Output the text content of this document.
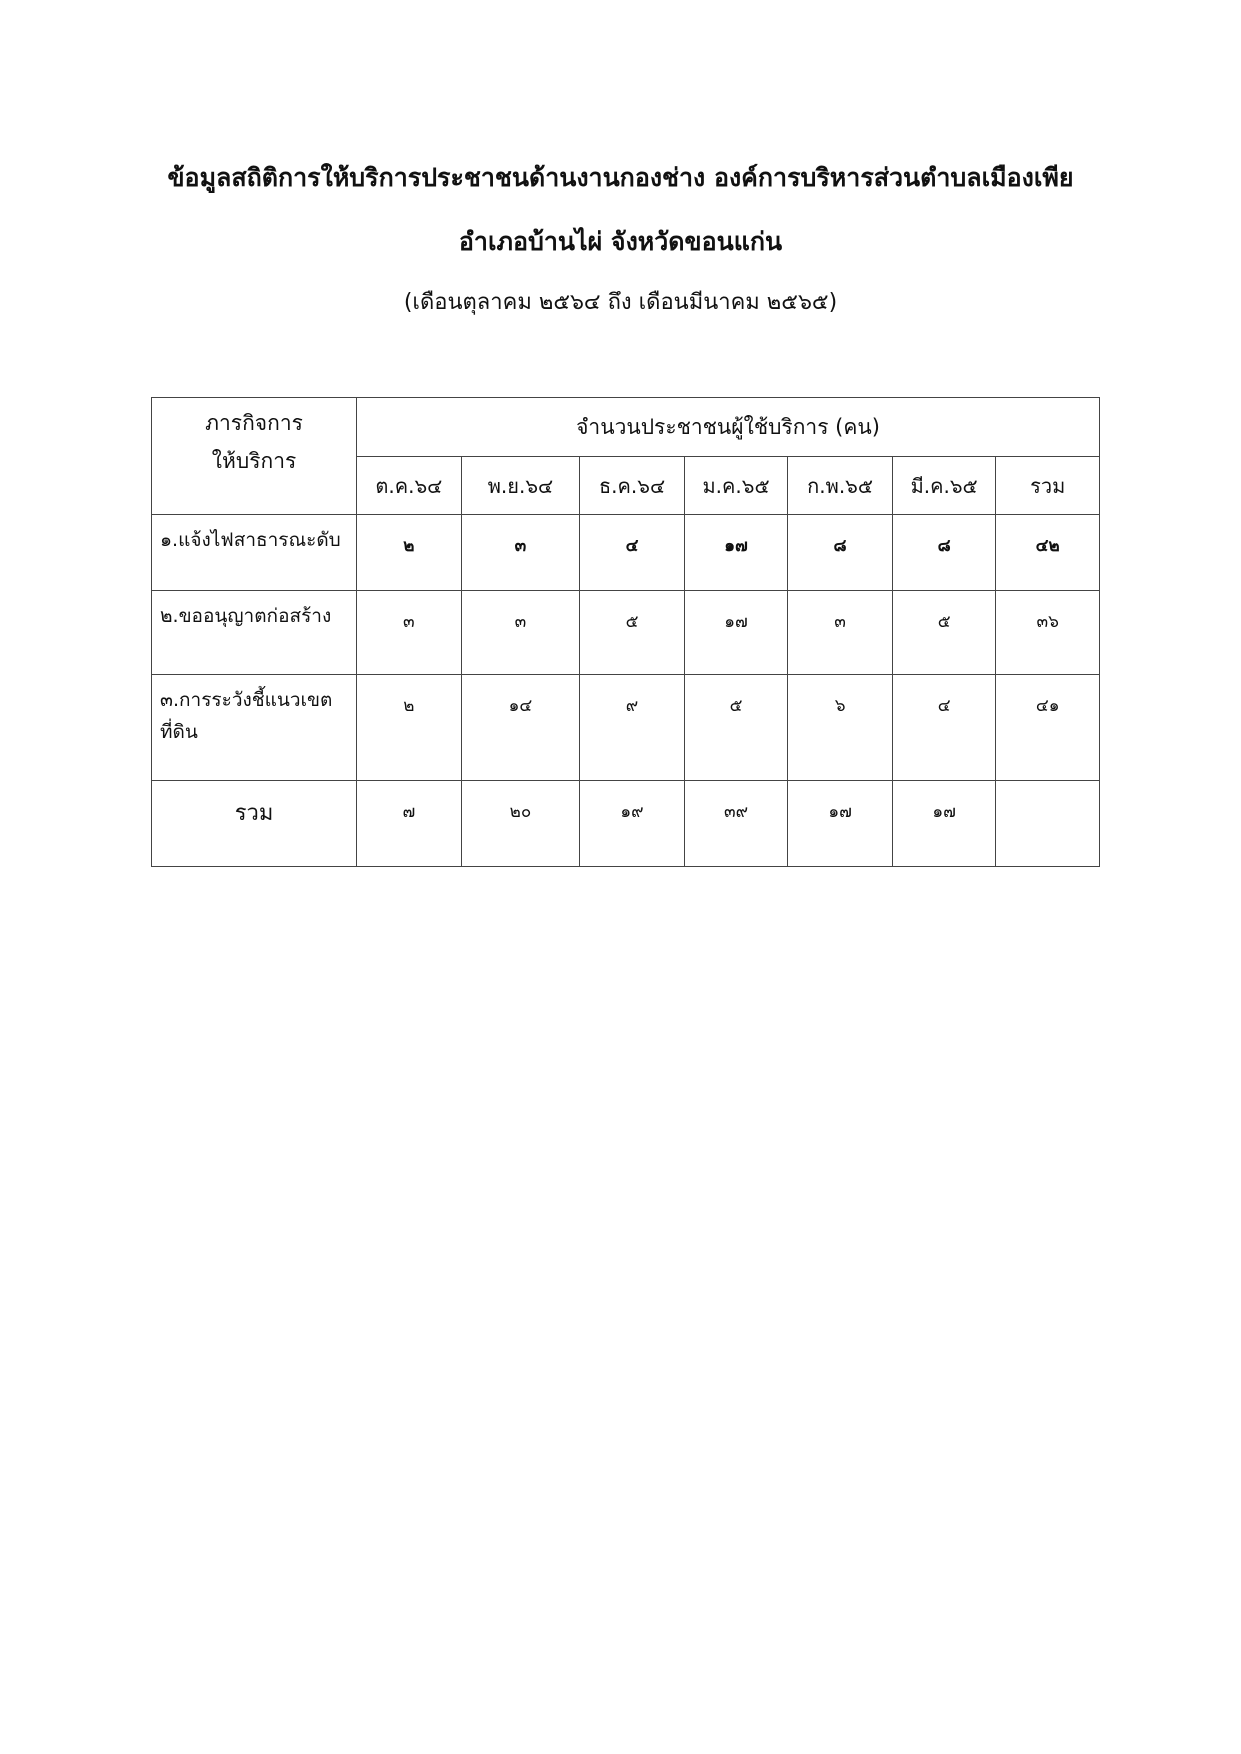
ข้อมูลสถิติการให้บริการประชาชนด้านงานกองช่าง องค์การบริหารส่วนตำบลเมืองเพีย
อำเภอบ้านไผ่ จังหวัดขอนแก่น

(เดือนตุลาคม ๒๕๖๔ ถึง เดือนมีนาคม ๒๕๖๕)

ภารกิจการ
ให้บริการ	จำนวนประชาชนผู้ใช้บริการ (คน)						
	ต.ค.๖๔	พ.ย.๖๔	ธ.ค.๖๔	ม.ค.๖๕	ก.พ.๖๕	มี.ค.๖๕	รวม
๑.แจ้งไฟสาธารณะดับ	๒	๓	๔	๑๗	๘	๘	๔๒
๒.ขออนุญาตก่อสร้าง	๓	๓	๕	๑๗	๓	๕	๓๖
๓.การระวังชี้แนวเขต
ที่ดิน	๒	๑๔	๙	๕	๖	๔	๔๑
รวม	๗	๒๐	๑๙	๓๙	๑๗	๑๗	
